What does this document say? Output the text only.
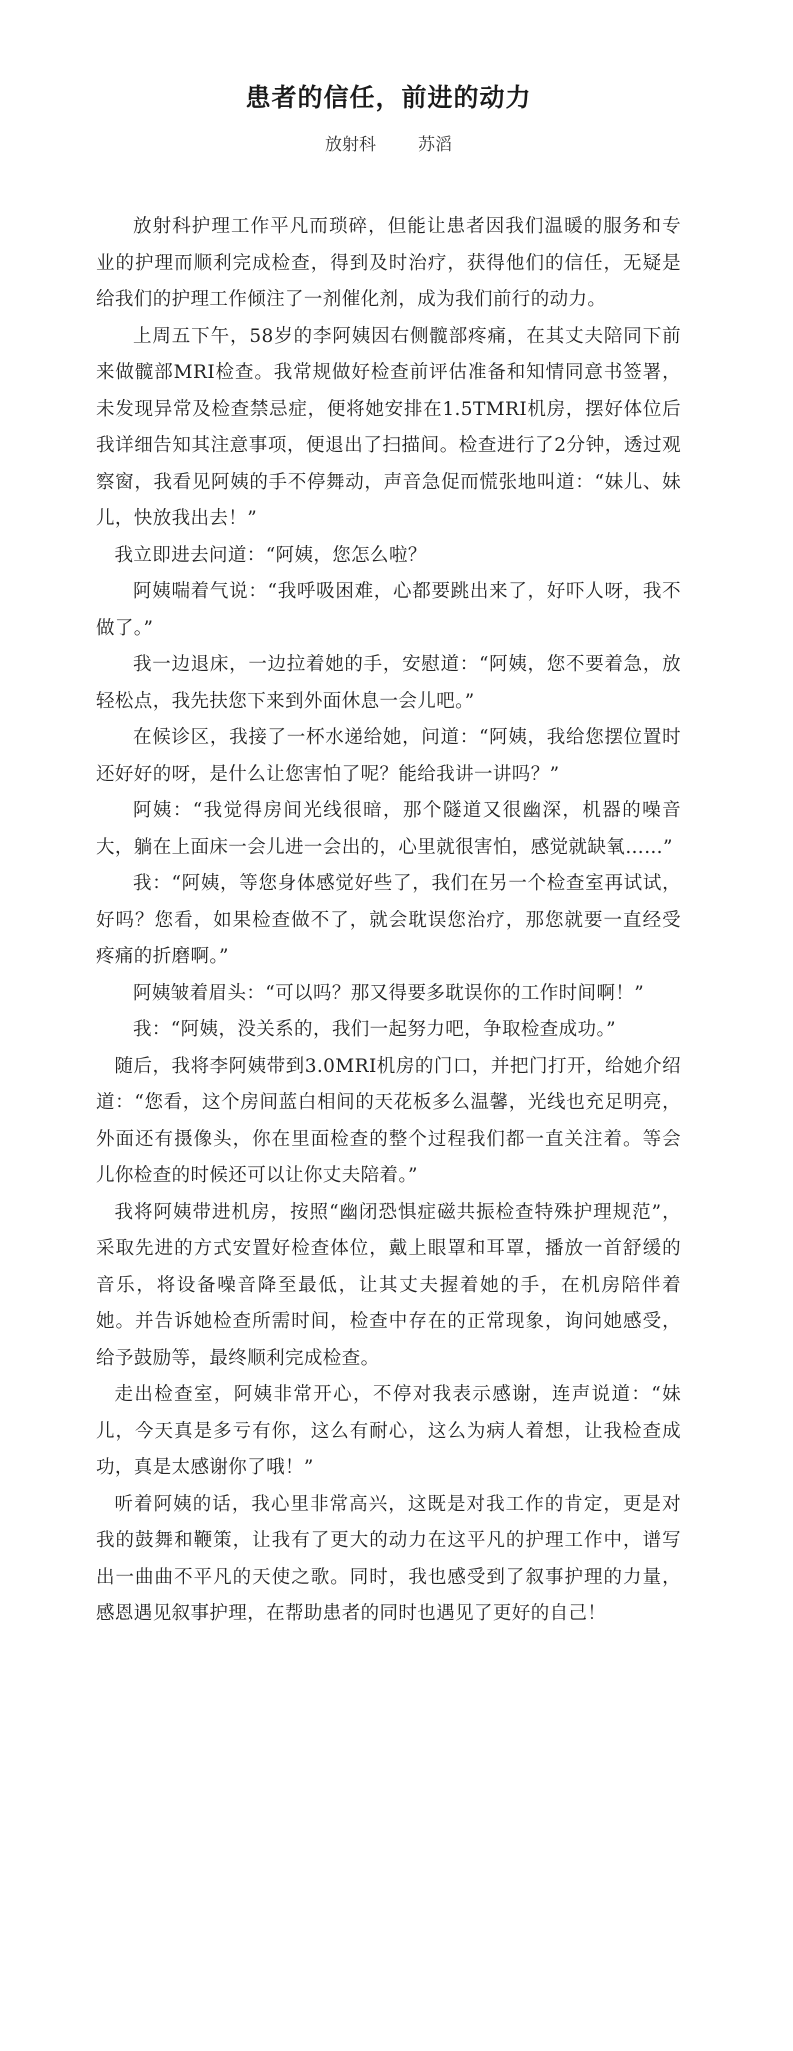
患者的信任，前进的动力
放射科 苏滔

放射科护理工作平凡而琐碎，但能让患者因我们温暖的服务和专业的护理而顺利完成检查，得到及时治疗，获得他们的信任，无疑是给我们的护理工作倾注了一剂催化剂，成为我们前行的动力。

上周五下午，58岁的李阿姨因右侧髋部疼痛，在其丈夫陪同下前来做髋部MRI检查。我常规做好检查前评估准备和知情同意书签署，未发现异常及检查禁忌症，便将她安排在1.5TMRI机房，摆好体位后我详细告知其注意事项，便退出了扫描间。检查进行了2分钟，透过观察窗，我看见阿姨的手不停舞动，声音急促而慌张地叫道：“妹儿、妹儿，快放我出去！”

我立即进去问道：“阿姨，您怎么啦？

阿姨喘着气说：“我呼吸困难，心都要跳出来了，好吓人呀，我不做了。”

我一边退床，一边拉着她的手，安慰道：“阿姨，您不要着急，放轻松点，我先扶您下来到外面休息一会儿吧。”

在候诊区，我接了一杯水递给她，问道：“阿姨，我给您摆位置时还好好的呀，是什么让您害怕了呢？能给我讲一讲吗？”

阿姨：“我觉得房间光线很暗，那个隧道又很幽深，机器的噪音大，躺在上面床一会儿进一会出的，心里就很害怕，感觉就缺氧……”

我：“阿姨，等您身体感觉好些了，我们在另一个检查室再试试，好吗？您看，如果检查做不了，就会耽误您治疗，那您就要一直经受疼痛的折磨啊。”

阿姨皱着眉头：“可以吗？那又得要多耽误你的工作时间啊！”

我：“阿姨，没关系的，我们一起努力吧，争取检查成功。”

随后，我将李阿姨带到3.0MRI机房的门口，并把门打开，给她介绍道：“您看，这个房间蓝白相间的天花板多么温馨，光线也充足明亮，外面还有摄像头，你在里面检查的整个过程我们都一直关注着。等会儿你检查的时候还可以让你丈夫陪着。”

我将阿姨带进机房，按照“幽闭恐惧症磁共振检查特殊护理规范”，采取先进的方式安置好检查体位，戴上眼罩和耳罩，播放一首舒缓的音乐，将设备噪音降至最低，让其丈夫握着她的手，在机房陪伴着她。并告诉她检查所需时间，检查中存在的正常现象，询问她感受，给予鼓励等，最终顺利完成检查。

走出检查室，阿姨非常开心，不停对我表示感谢，连声说道：“妹儿，今天真是多亏有你，这么有耐心，这么为病人着想，让我检查成功，真是太感谢你了哦！”

听着阿姨的话，我心里非常高兴，这既是对我工作的肯定，更是对我的鼓舞和鞭策，让我有了更大的动力在这平凡的护理工作中，谱写出一曲曲不平凡的天使之歌。同时，我也感受到了叙事护理的力量，感恩遇见叙事护理，在帮助患者的同时也遇见了更好的自己！
